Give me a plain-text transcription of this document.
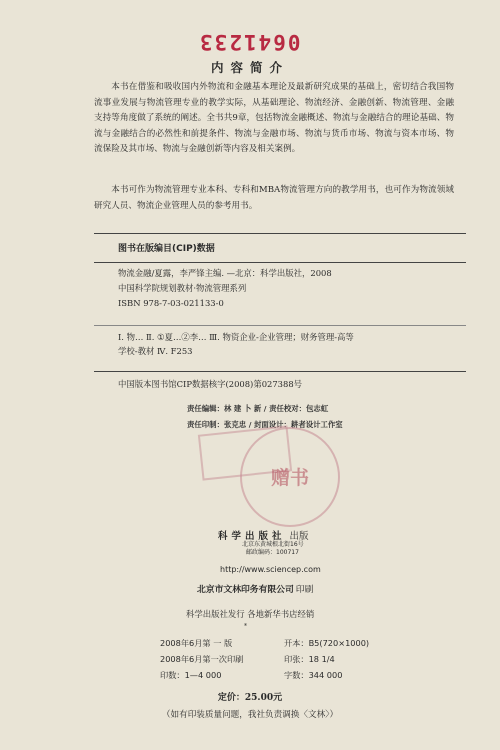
0641233
内容简介

本书在借鉴和吸收国内外物流和金融基本理论及最新研究成果的基础上，密切结合我国物流事业发展与物流管理专业的教学实际，从基础理论、物流经济、金融创新、物流管理、金融支持等角度做了系统的阐述。全书共9章，包括物流金融概述、物流与金融结合的理论基础、物流与金融结合的必然性和前提条件、物流与金融市场、物流与货币市场、物流与资本市场、物流保险及其市场、物流与金融创新等内容及相关案例。

本书可作为物流管理专业本科、专科和MBA物流管理方向的教学用书，也可作为物流领域研究人员、物流企业管理人员的参考用书。

图书在版编目(CIP)数据
物流金融/夏露，李严锋主编. —北京：科学出版社，2008
中国科学院规划教材·物流管理系列
ISBN 978-7-03-021133-0
Ⅰ. 物… Ⅱ. ①夏…②李… Ⅲ. 物资企业-企业管理；财务管理-高等
学校-教材 Ⅳ. F253
中国版本图书馆CIP数据核字(2008)第027388号
责任编辑：林 建 卜 新 / 责任校对：包志虹
责任印制：张克忠 / 封面设计：耕者设计工作室
赠书
科学出版社 出版
北京东黄城根北街16号
邮政编码：100717
http://www.sciencep.com
北京市文林印务有限公司 印刷
科学出版社发行 各地新华书店经销
*
2008年6月第 一 版	开本：B5(720×1000)
2008年6月第一次印刷	印张：18 1/4
印数：1—4 000	字数：344 000
定价：25.00元
（如有印装质量问题，我社负责调换〈文林〉）
